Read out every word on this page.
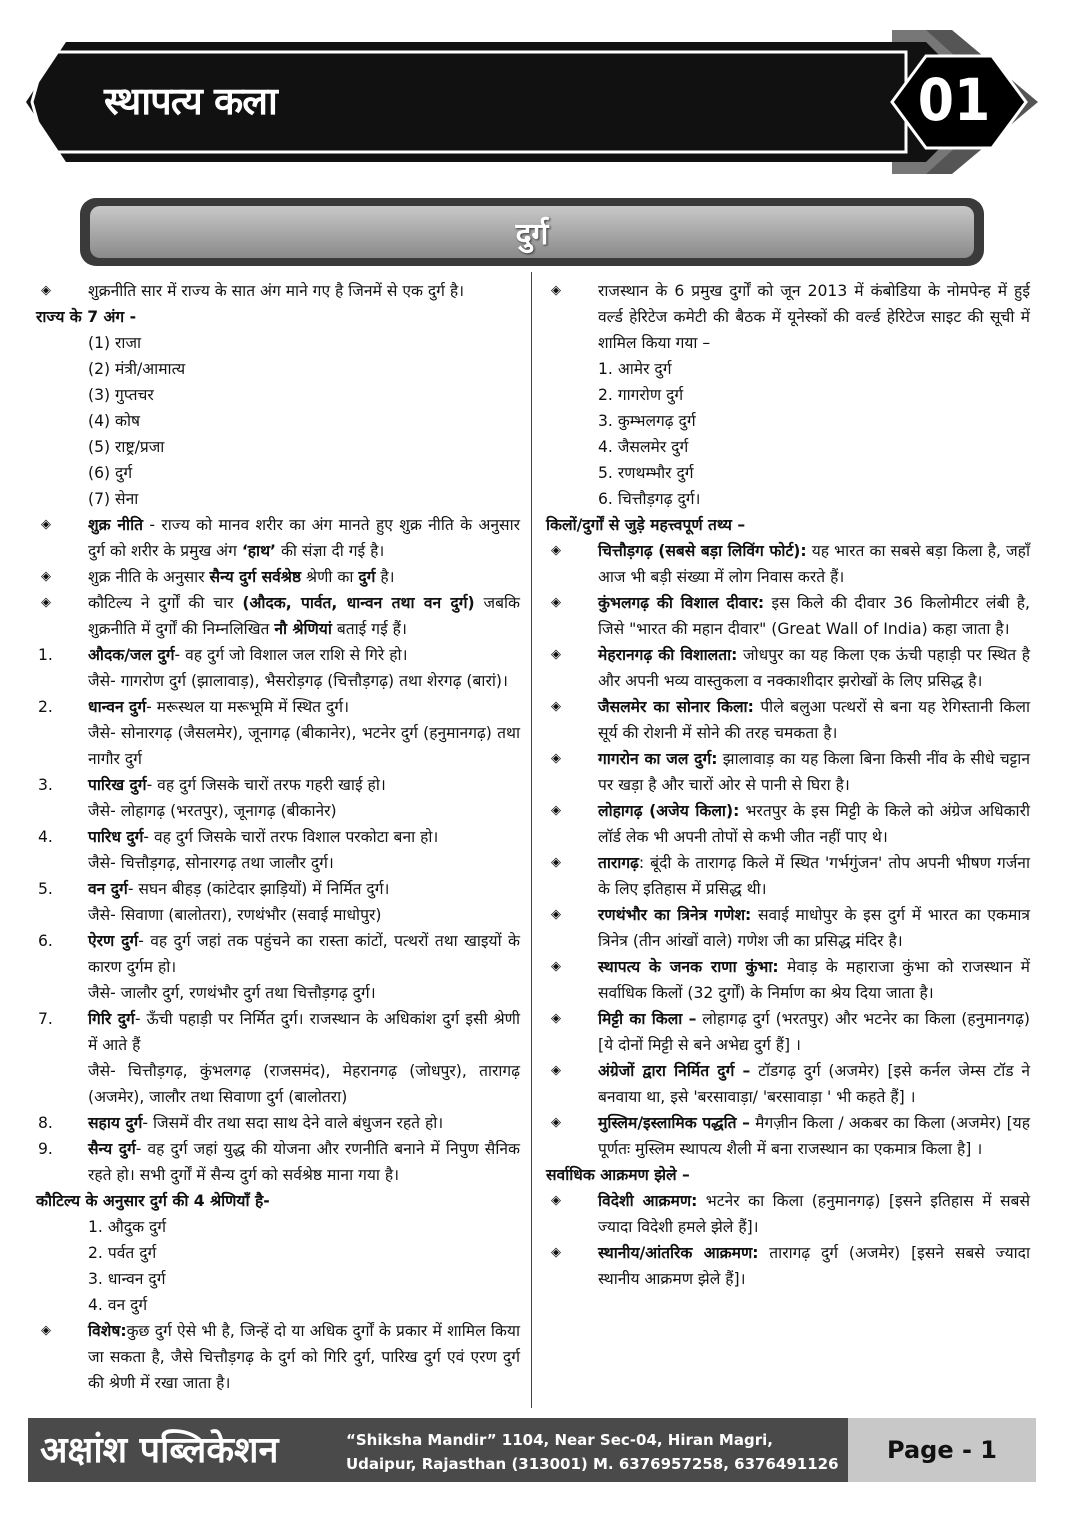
स्थापत्य कला	01
दुर्ग
◈	शुक्रनीति सार में राज्य के सात अंग माने गए है जिनमें से एक दुर्ग है।
राज्य के 7 अंग -
(1) राजा
(2) मंत्री/आमात्य
(3) गुप्तचर
(4) कोष
(5) राष्ट्र/प्रजा
(6) दुर्ग
(7) सेना
◈	शुक्र नीति - राज्य को मानव शरीर का अंग मानते हुए शुक्र नीति के अनुसार दुर्ग को शरीर के प्रमुख अंग ‘हाथ’ की संज्ञा दी गई है।
◈	शुक्र नीति के अनुसार सैन्य दुर्ग सर्वश्रेष्ठ श्रेणी का दुर्ग है।
◈	कौटिल्य ने दुर्गों की चार (औदक, पार्वत, धान्वन तथा वन दुर्ग) जबकि शुक्रनीति में दुर्गों की निम्नलिखित नौ श्रेणियां बताई गई हैं।
1. औदक/जल दुर्ग- वह दुर्ग जो विशाल जल राशि से गिरे हो।
जैसे- गागरोण दुर्ग (झालावाड़), भैसरोड़गढ़ (चित्तौड़गढ़) तथा शेरगढ़ (बारां)।
2. धान्वन दुर्ग- मरूस्थल या मरूभूमि में स्थित दुर्ग।
जैसे- सोनारगढ़ (जैसलमेर), जूनागढ़ (बीकानेर), भटनेर दुर्ग (हनुमानगढ़) तथा नागौर दुर्ग
3. पारिख दुर्ग- वह दुर्ग जिसके चारों तरफ गहरी खाई हो।
जैसे- लोहागढ़ (भरतपुर), जूनागढ़ (बीकानेर)
4. पारिध दुर्ग- वह दुर्ग जिसके चारों तरफ विशाल परकोटा बना हो।
जैसे- चित्तौड़गढ़, सोनारगढ़ तथा जालौर दुर्ग।
5. वन दुर्ग- सघन बीहड़ (कांटेदार झाड़ियों) में निर्मित दुर्ग।
जैसे- सिवाणा (बालोतरा), रणथंभौर (सवाई माधोपुर)
6. ऐरण दुर्ग- वह दुर्ग जहां तक पहुंचने का रास्ता कांटों, पत्थरों तथा खाइयों के कारण दुर्गम हो।
जैसे- जालौर दुर्ग, रणथंभौर दुर्ग तथा चित्तौड़गढ़ दुर्ग।
7. गिरि दुर्ग- ऊँची पहाड़ी पर निर्मित दुर्ग। राजस्थान के अधिकांश दुर्ग इसी श्रेणी में आते हैं
जैसे- चित्तौड़गढ़, कुंभलगढ़ (राजसमंद), मेहरानगढ़ (जोधपुर), तारागढ़ (अजमेर), जालौर तथा सिवाणा दुर्ग (बालोतरा)
8. सहाय दुर्ग- जिसमें वीर तथा सदा साथ देने वाले बंधुजन रहते हो।
9. सैन्य दुर्ग- वह दुर्ग जहां युद्ध की योजना और रणनीति बनाने में निपुण सैनिक रहते हो। सभी दुर्गों में सैन्य दुर्ग को सर्वश्रेष्ठ माना गया है।
कौटिल्य के अनुसार दुर्ग की 4 श्रेणियाँ है-
1. औदुक दुर्ग
2. पर्वत दुर्ग
3. धान्वन दुर्ग
4. वन दुर्ग
◈	विशेष:कुछ दुर्ग ऐसे भी है, जिन्हें दो या अधिक दुर्गों के प्रकार में शामिल किया जा सकता है, जैसे चित्तौड़गढ़ के दुर्ग को गिरि दुर्ग, पारिख दुर्ग एवं एरण दुर्ग की श्रेणी में रखा जाता है।
◈	राजस्थान के 6 प्रमुख दुर्गों को जून 2013 में कंबोडिया के नोमपेन्ह में हुई वर्ल्ड हेरिटेज कमेटी की बैठक में यूनेस्कों की वर्ल्ड हेरिटेज साइट की सूची में शामिल किया गया –
1. आमेर दुर्ग
2. गागरोण दुर्ग
3. कुम्भलगढ़ दुर्ग
4. जैसलमेर दुर्ग
5. रणथम्भौर दुर्ग
6. चित्तौड़गढ़ दुर्ग।
किलों/दुर्गों से जुड़े महत्त्वपूर्ण तथ्य –
◈	चित्तौड़गढ़ (सबसे बड़ा लिविंग फोर्ट): यह भारत का सबसे बड़ा किला है, जहाँ आज भी बड़ी संख्या में लोग निवास करते हैं।
◈	कुंभलगढ़ की विशाल दीवार: इस किले की दीवार 36 किलोमीटर लंबी है, जिसे "भारत की महान दीवार" (Great Wall of India) कहा जाता है।
◈	मेहरानगढ़ की विशालता: जोधपुर का यह किला एक ऊंची पहाड़ी पर स्थित है और अपनी भव्य वास्तुकला व नक्काशीदार झरोखों के लिए प्रसिद्ध है।
◈	जैसलमेर का सोनार किला: पीले बलुआ पत्थरों से बना यह रेगिस्तानी किला सूर्य की रोशनी में सोने की तरह चमकता है।
◈	गागरोन का जल दुर्ग: झालावाड़ का यह किला बिना किसी नींव के सीधे चट्टान पर खड़ा है और चारों ओर से पानी से घिरा है।
◈	लोहागढ़ (अजेय किला): भरतपुर के इस मिट्टी के किले को अंग्रेज अधिकारी लॉर्ड लेक भी अपनी तोपों से कभी जीत नहीं पाए थे।
◈	तारागढ़: बूंदी के तारागढ़ किले में स्थित 'गर्भगुंजन' तोप अपनी भीषण गर्जना के लिए इतिहास में प्रसिद्ध थी।
◈	रणथंभौर का त्रिनेत्र गणेश: सवाई माधोपुर के इस दुर्ग में भारत का एकमात्र त्रिनेत्र (तीन आंखों वाले) गणेश जी का प्रसिद्ध मंदिर है।
◈	स्थापत्य के जनक राणा कुंभा: मेवाड़ के महाराजा कुंभा को राजस्थान में सर्वाधिक किलों (32 दुर्गों) के निर्माण का श्रेय दिया जाता है।
◈	मिट्टी का किला – लोहागढ़ दुर्ग (भरतपुर) और भटनेर का किला (हनुमानगढ़) [ये दोनों मिट्टी से बने अभेद्य दुर्ग हैं] ।
◈	अंग्रेजों द्वारा निर्मित दुर्ग – टॉडगढ़ दुर्ग (अजमेर) [इसे कर्नल जेम्स टॉड ने बनवाया था, इसे 'बरसावाड़ा/ 'बरसावाड़ा ' भी कहते हैं] ।
◈	मुस्लिम/इस्लामिक पद्धति – मैगज़ीन किला / अकबर का किला (अजमेर) [यह पूर्णतः मुस्लिम स्थापत्य शैली में बना राजस्थान का एकमात्र किला है] ।
सर्वाधिक आक्रमण झेले –
◈	विदेशी आक्रमण: भटनेर का किला (हनुमानगढ़) [इसने इतिहास में सबसे ज्यादा विदेशी हमले झेले हैं]।
◈	स्थानीय/आंतरिक आक्रमण: तारागढ़ दुर्ग (अजमेर) [इसने सबसे ज्यादा स्थानीय आक्रमण झेले हैं]।
अक्षांश पब्लिकेशन	“Shiksha Mandir” 1104, Near Sec-04, Hiran Magri,
Udaipur, Rajasthan (313001) M. 6376957258, 6376491126	Page - 1
